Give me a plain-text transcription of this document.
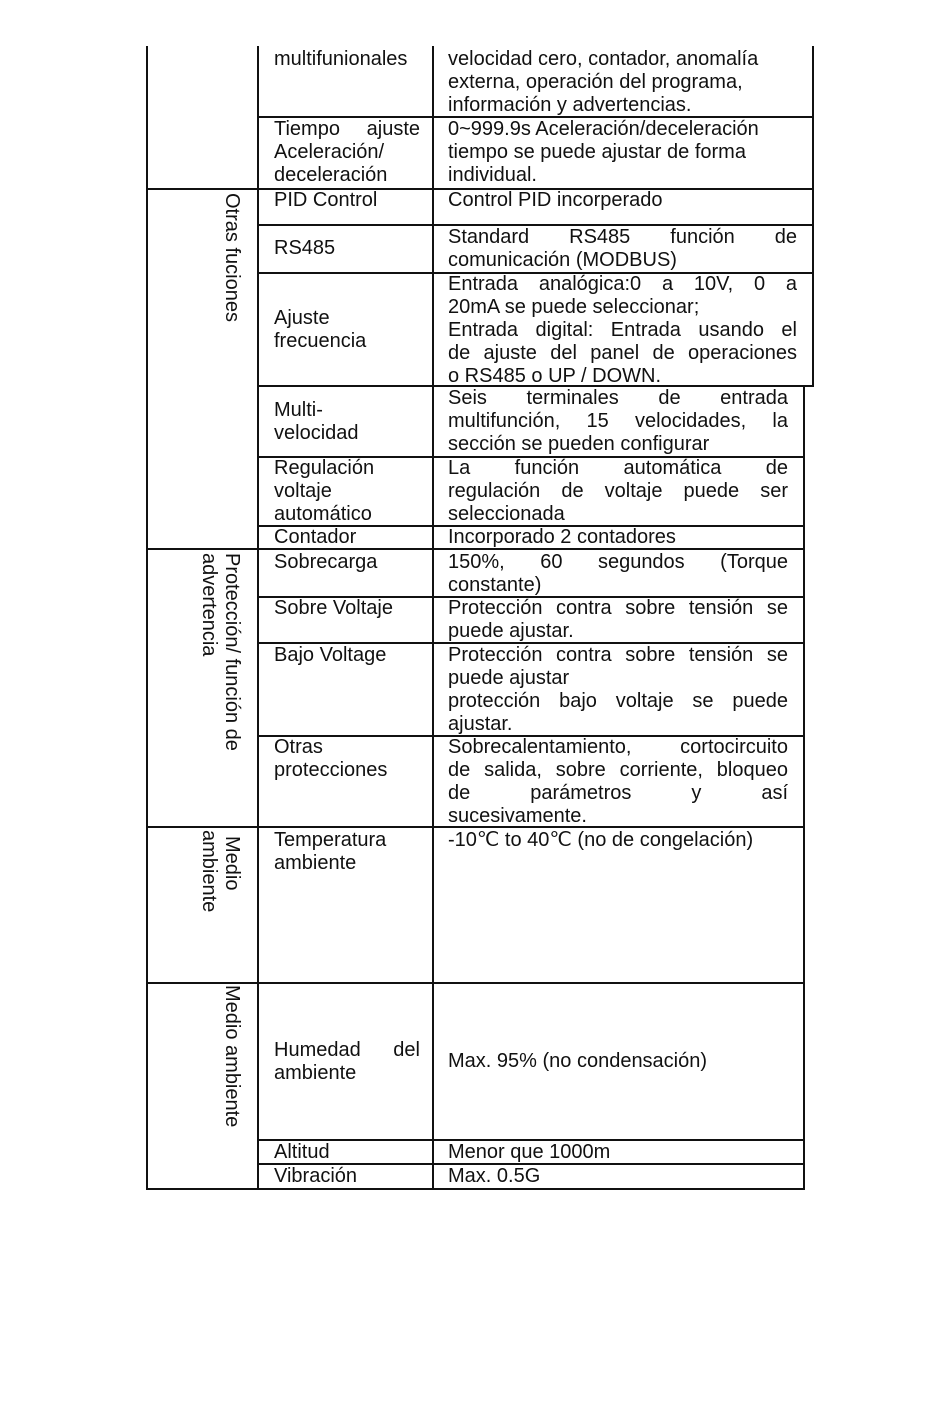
Otras fuciones
Protección/ función de
advertencia
Medio
ambiente
Medio ambiente

multifunionales

Tiempo ajuste

Aceleración/

deceleración

PID Control

RS485

Ajuste

frecuencia

Multi-

velocidad

Regulación

voltaje

automático

Contador

Sobrecarga

Sobre Voltaje

Bajo Voltage

Otras

protecciones

Temperatura

ambiente

Humedad del

ambiente

Altitud

Vibración

velocidad cero, contador, anomalía

externa, operación del programa,

información y advertencias.

0~999.9s Aceleración/deceleración

tiempo se puede ajustar de forma

individual.

Control PID incorperado

Standard RS485 función de

comunicación (MODBUS)

Entrada analógica:0 a 10V, 0 a

20mA se puede seleccionar;

Entrada digital: Entrada usando el

de ajuste del panel de operaciones

o RS485 o UP / DOWN.

Seis terminales de entrada

multifunción, 15 velocidades, la

sección se pueden configurar

La función automática de

regulación de voltaje puede ser

seleccionada

Incorporado 2 contadores

150%, 60 segundos (Torque

constante)

Protección contra sobre tensión se

puede ajustar.

Protección contra sobre tensión se

puede ajustar

protección bajo voltaje se puede

ajustar.

Sobrecalentamiento, cortocircuito

de salida, sobre corriente, bloqueo

de parámetros y así

sucesivamente.

-10℃ to 40℃ (no de congelación)

Max. 95% (no condensación)

Menor que 1000m

Max. 0.5G
